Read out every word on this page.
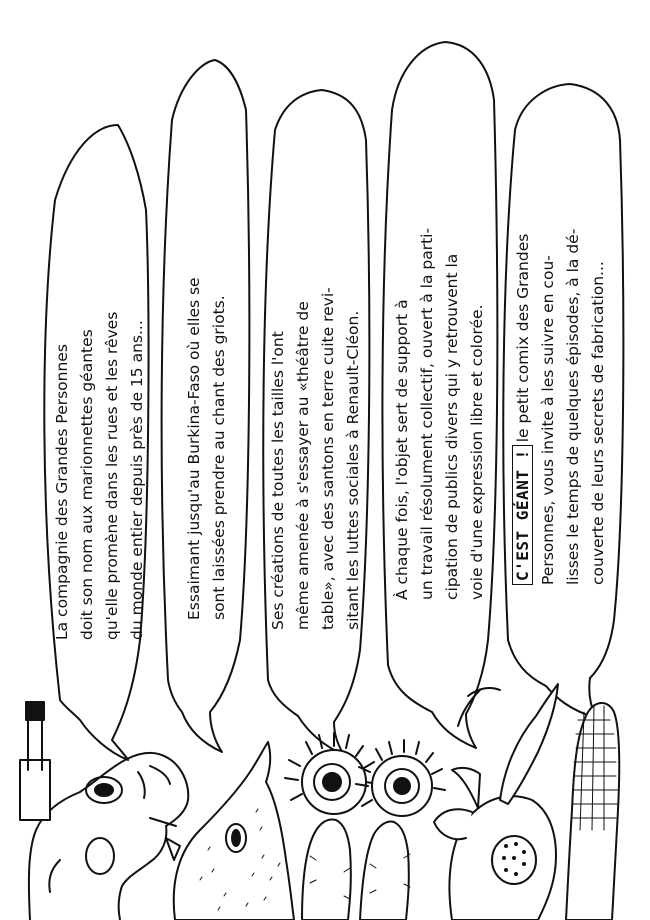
La compagnie des Grandes Personnes doit son nom aux marionnettes géantes qu'elle promène dans les rues et les rêves du monde entier depuis près de 15 ans...	Essaimant jusqu'au Burkina-Faso où elles se sont laissées prendre au chant des griots.	Ses créations de toutes les tailles l'ont même amenée à s'essayer au «théâtre de table», avec des santons en terre cuite revi- sitant les luttes sociales à Renault-Cléon. À chaque fois, l'objet sert de support à un travail résolument collectif, ouvert à la parti- cipation de publics divers qui y retrouvent la voie d'une expression libre et colorée. C'EST GÉANT !le petit comix des Grandes Personnes, vous invite à les suivre en cou- lisses le temps de quelques épisodes, à la dé- couverte de leurs secrets de fabrication...
